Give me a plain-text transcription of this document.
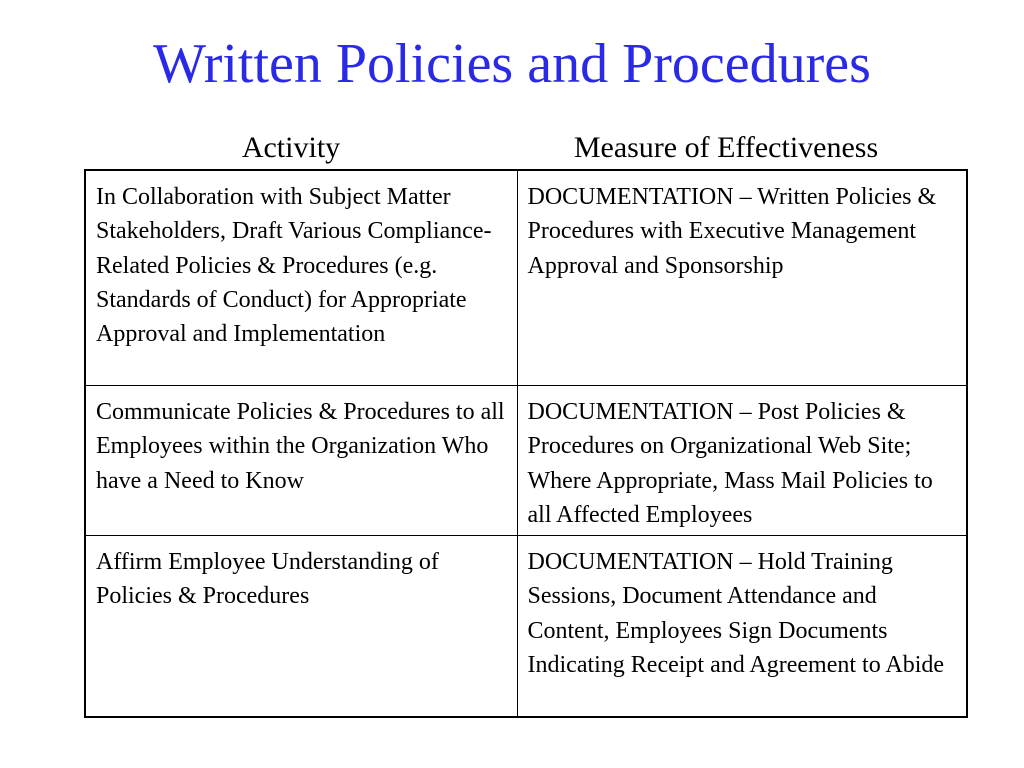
Written Policies and Procedures
Activity	Measure of Effectiveness
In Collaboration with Subject Matter Stakeholders, Draft Various Compliance-Related Policies & Procedures (e.g. Standards of Conduct) for Appropriate Approval and Implementation	DOCUMENTATION – Written Policies & Procedures with Executive Management Approval and Sponsorship
Communicate Policies & Procedures to all Employees within the Organization Who have a Need to Know	DOCUMENTATION – Post Policies & Procedures on Organizational Web Site; Where Appropriate, Mass Mail Policies to all Affected Employees
Affirm Employee Understanding of Policies & Procedures	DOCUMENTATION – Hold Training Sessions, Document Attendance and Content, Employees Sign Documents Indicating Receipt and Agreement to Abide
